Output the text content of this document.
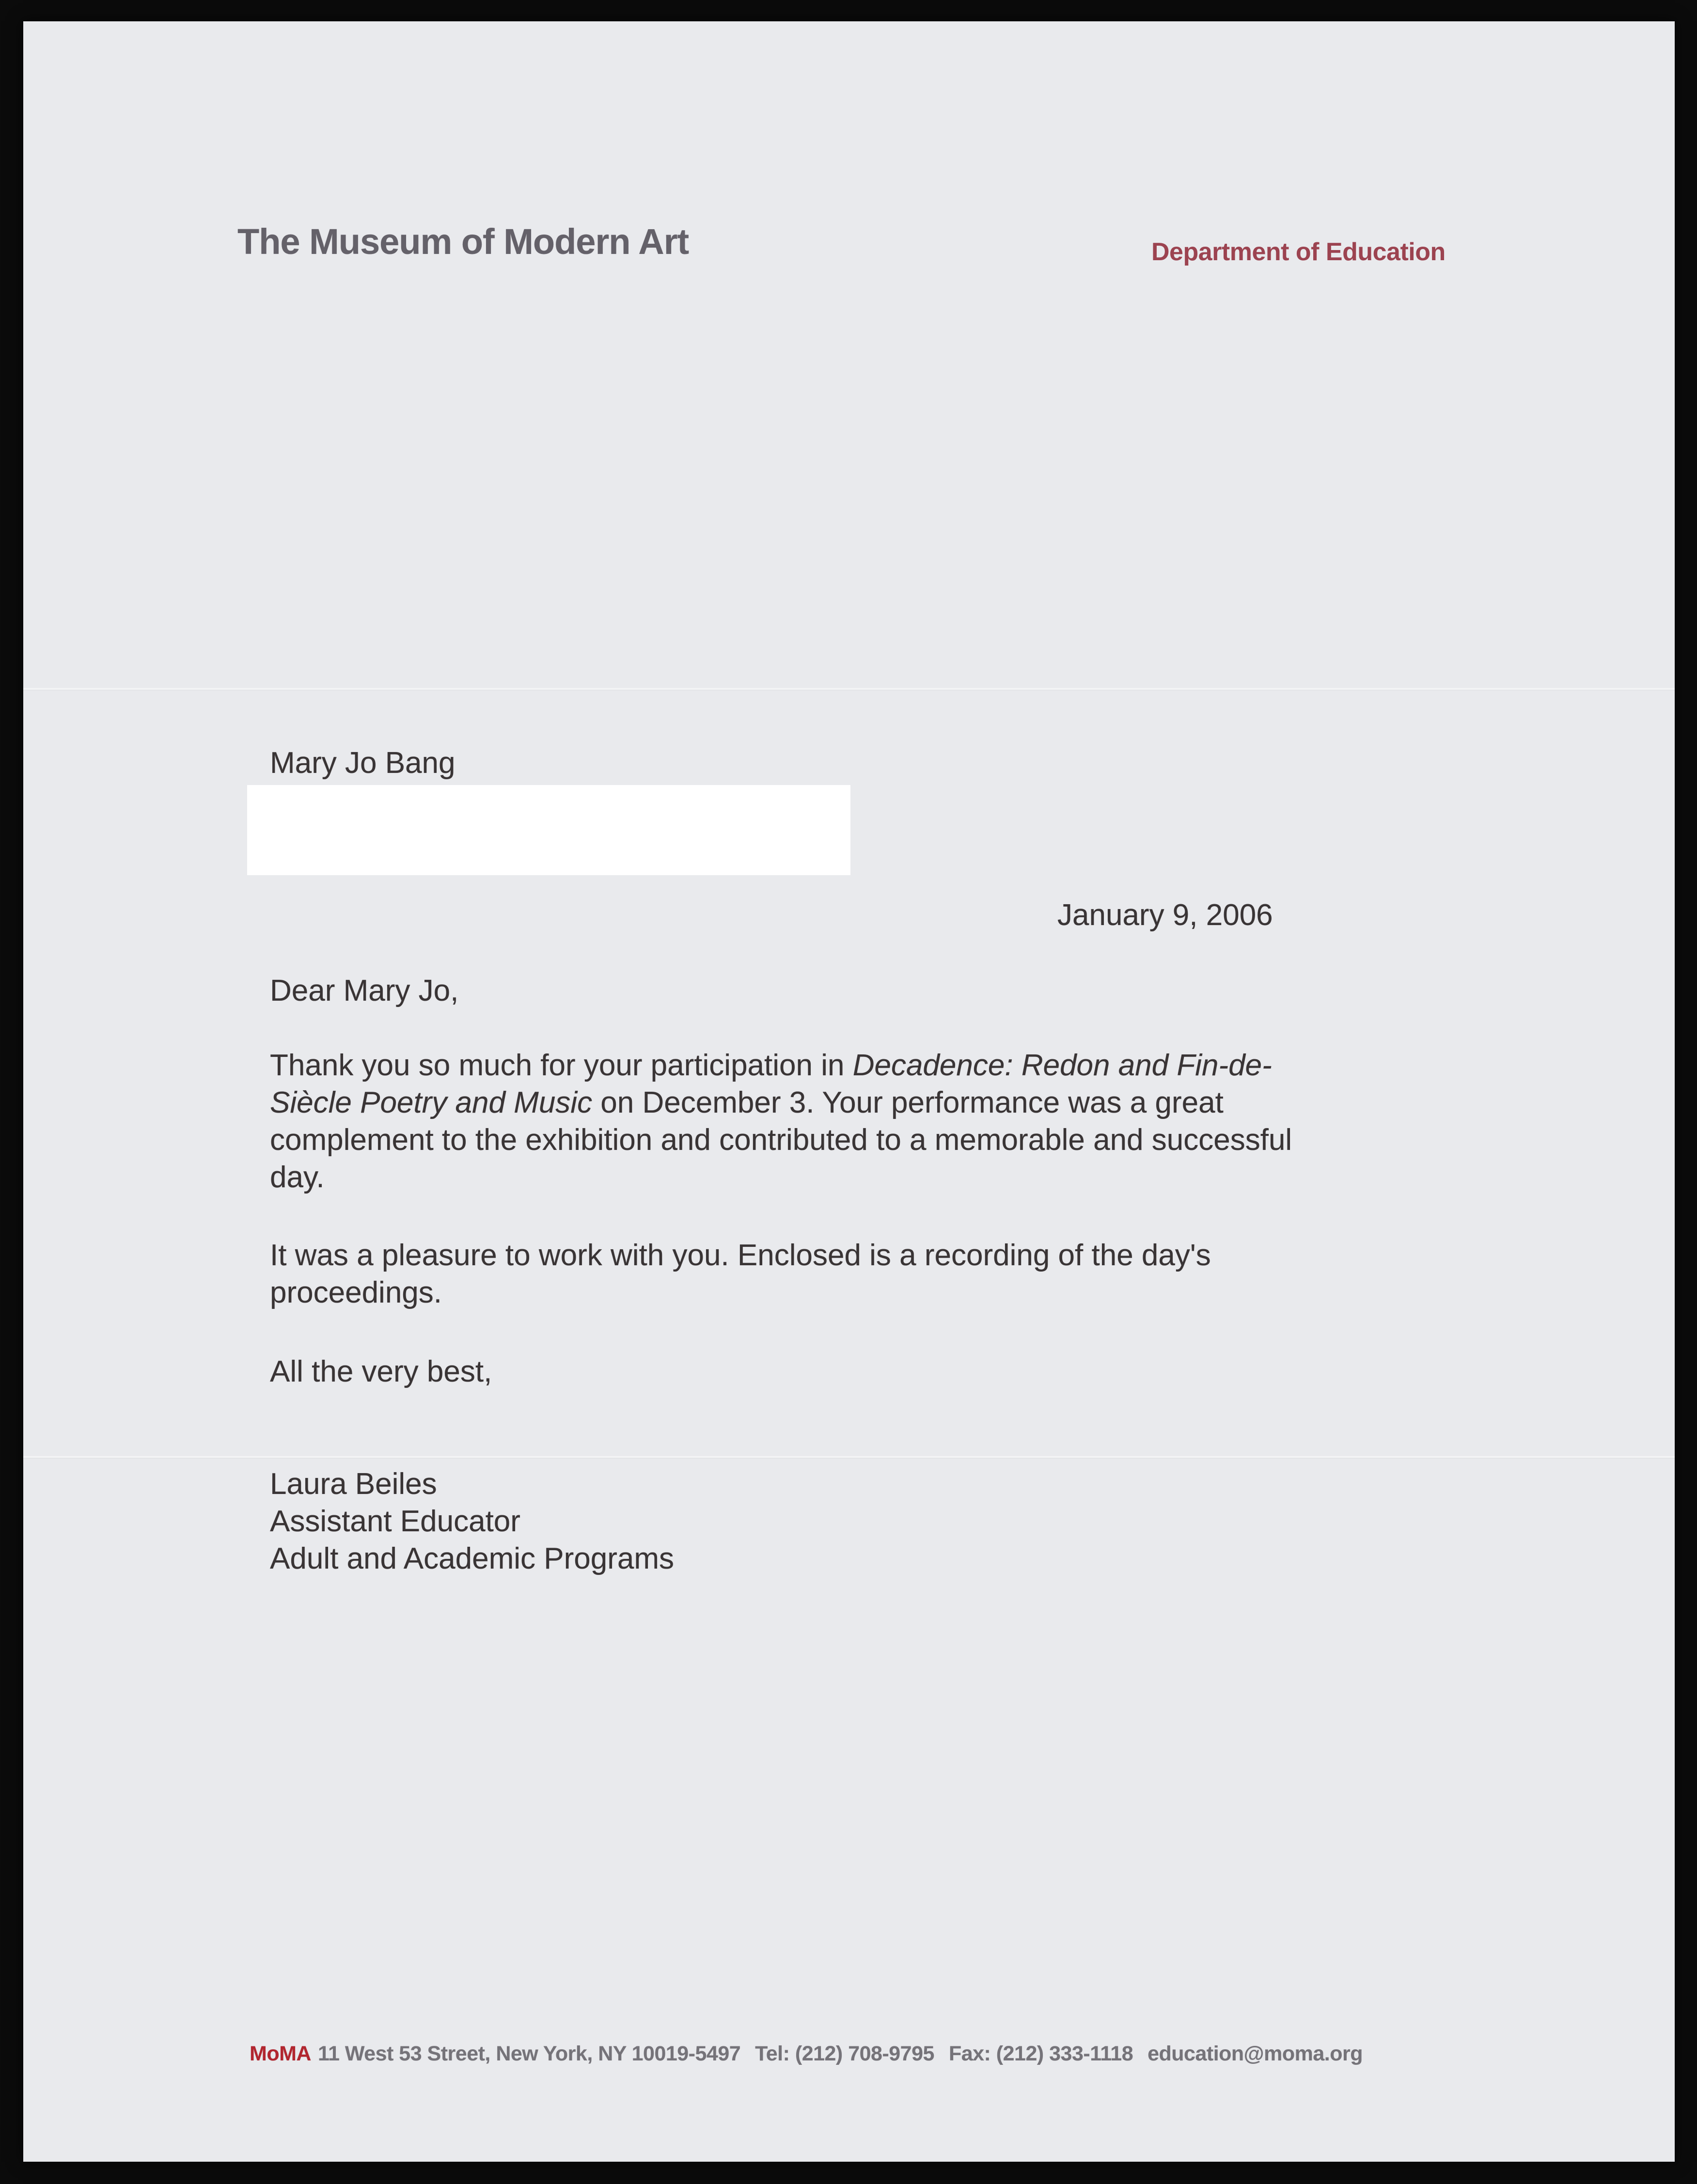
The Museum of Modern Art	Department of Education
Mary Jo Bang
January 9, 2006
Dear Mary Jo,
Thank you so much for your participation in Decadence: Redon and Fin-de-
Siècle Poetry and Music on December 3. Your performance was a great
complement to the exhibition and contributed to a memorable and successful
day.
It was a pleasure to work with you. Enclosed is a recording of the day's
proceedings.
All the very best,
Laura Beiles
Assistant Educator
Adult and Academic Programs
MoMA 11 West 53 Street, New York, NY 10019-5497 Tel: (212) 708-9795 Fax: (212) 333-1118 education@moma.org
